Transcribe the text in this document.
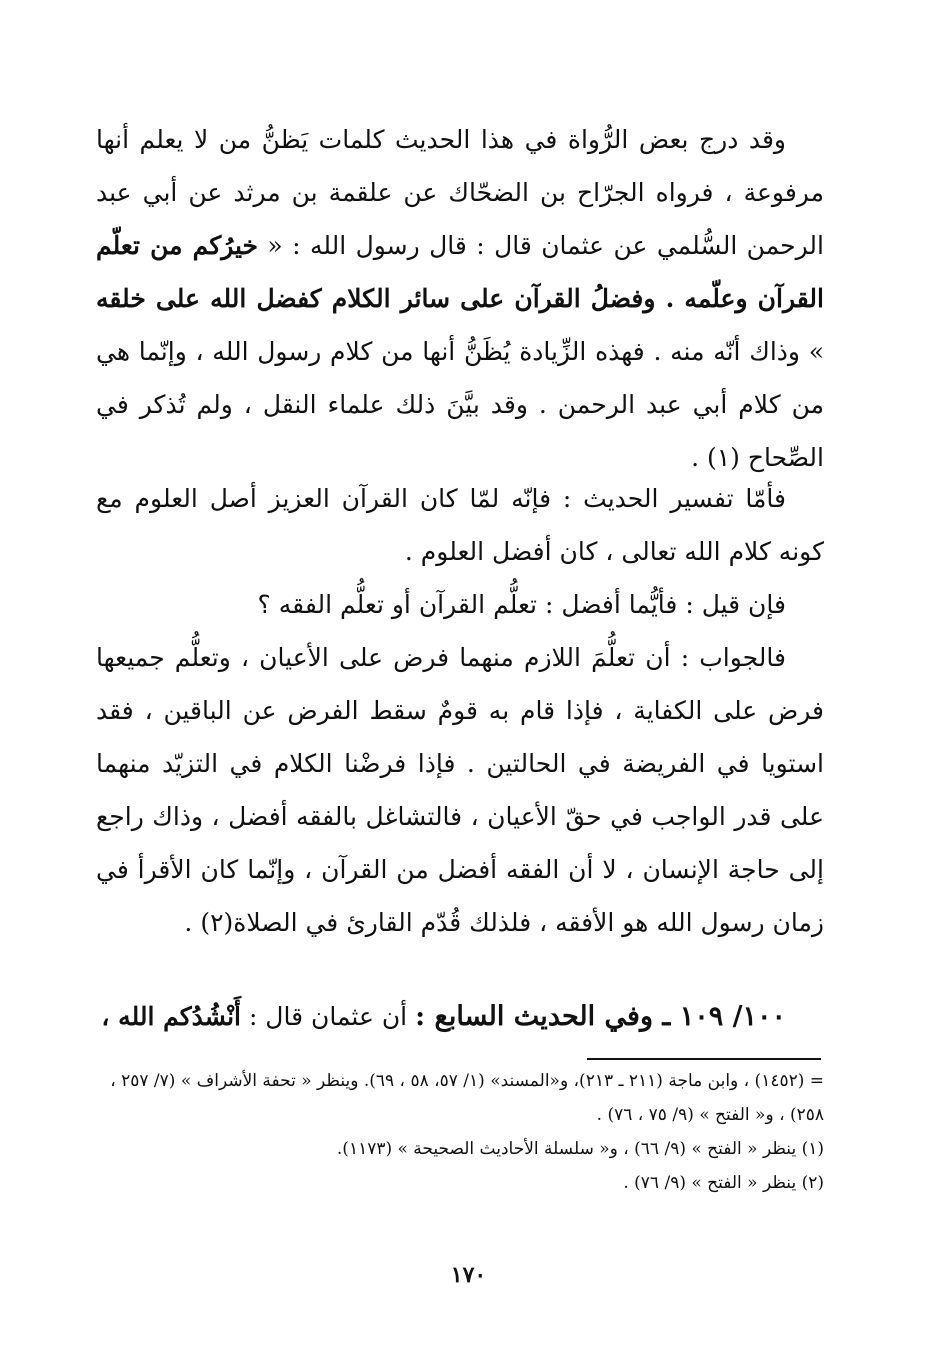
وقد درج بعض الرُّواة في هذا الحديث كلمات يَظنُّ من لا يعلم أنها مرفوعة ، فرواه الجرّاح بن الضحّاك عن علقمة بن مرثد عن أبي عبد الرحمن السُّلمي عن عثمان قال : قال رسول الله : « خيرُكم من تعلّم القرآن وعلّمه . وفضلُ القرآن على سائر الكلام كفضل الله على خلقه » وذاك أنّه منه . فهذه الزِّيادة يُظَنُّ أنها من كلام رسول الله ، وإنّما هي من كلام أبي عبد الرحمن . وقد بيَّنَ ذلك علماء النقل ، ولم تُذكر في الصِّحاح (١) .

فأمّا تفسير الحديث : فإنّه لمّا كان القرآن العزيز أصل العلوم مع كونه كلام الله تعالى ، كان أفضل العلوم .

فإن قيل : فأيُّما أفضل : تعلُّم القرآن أو تعلُّم الفقه ؟

فالجواب : أن تعلُّمَ اللازم منهما فرض على الأعيان ، وتعلُّم جميعها فرض على الكفاية ، فإذا قام به قومٌ سقط الفرض عن الباقين ، فقد استويا في الفريضة في الحالتين . فإذا فرضْنا الكلام في التزيّد منهما على قدر الواجب في حقّ الأعيان ، فالتشاغل بالفقه أفضل ، وذاك راجع إلى حاجة الإنسان ، لا أن الفقه أفضل من القرآن ، وإنّما كان الأقرأ في زمان رسول الله هو الأفقه ، فلذلك قُدّم القارئ في الصلاة(٢) .

١٠٠/ ١٠٩ ـ وفي الحديث السابع : أن عثمان قال : أَنْشُدُكم الله ،

= (١٤٥٢) ، وابن ماجة (٢١١ ـ ٢١٣)، و«المسند» (١/ ٥٧، ٥٨ ، ٦٩). وينظر « تحفة الأشراف » (٧/ ٢٥٧ ، ٢٥٨) ، و« الفتح » (٩/ ٧٥ ، ٧٦) .

(١) ينظر « الفتح » (٩/ ٦٦) ، و« سلسلة الأحاديث الصحيحة » (١١٧٣).

(٢) ينظر « الفتح » (٩/ ٧٦) .

١٧٠
